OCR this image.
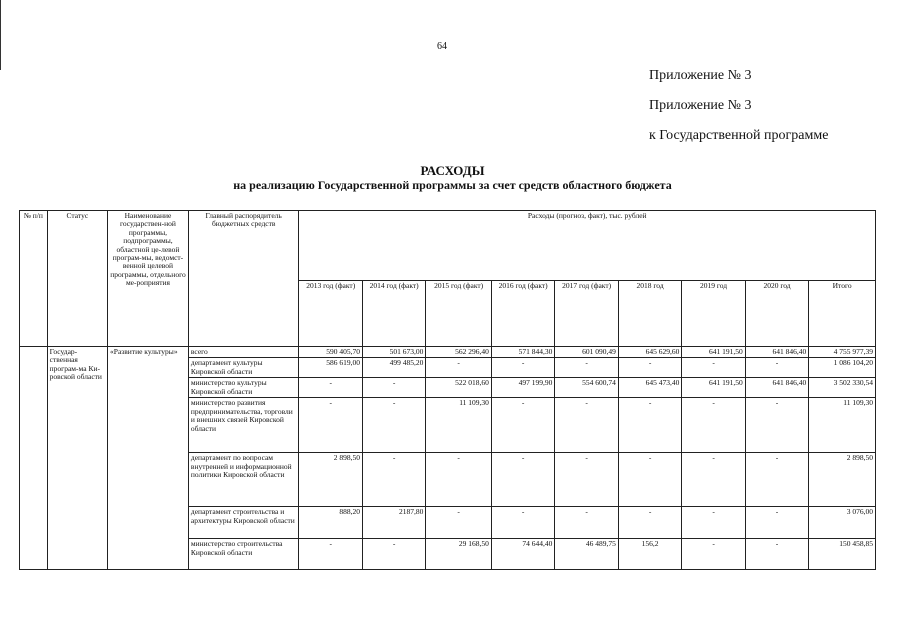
64
Приложение № 3
Приложение № 3
к Государственной программе
РАСХОДЫ
на реализацию Государственной программы за счет средств областного бюджета
№ п/п	Статус	Наименование государствен-ной программы, подпрограммы, областной це-левой програм-мы, ведомст-венной целевой программы, отдельного ме-роприятия	Главный распорядитель бюджетных средств	Расходы (прогноз, факт), тыс. рублей								
				2013 год (факт)	2014 год (факт)	2015 год (факт)	2016 год (факт)	2017 год (факт)	2018 год	2019 год	2020 год	Итого
	Государ-ственная програм-ма Ки-ровской области	«Развитие культуры»	всего	590 405,70	501 673,00	562 296,40	571 844,30	601 090,49	645 629,60	641 191,50	641 846,40	4 755 977,39
			департамент культуры Кировской области	586 619,00	499 485,20	-	-	-	-	-	-	1 086 104,20
			министерство культуры Кировской области	-	-	522 018,60	497 199,90	554 600,74	645 473,40	641 191,50	641 846,40	3 502 330,54
			министерство развития предпринимательства, торговли и внешних связей Кировской области	-	-	11 109,30	-	-	-	-	-	11 109,30
			департамент по вопросам внутренней и информационной политики Кировской области	2 898,50	-	-	-	-	-	-	-	2 898,50
			департамент строительства и архитектуры Кировской области	888,20	2187,80	-	-	-	-	-	-	3 076,00
			министерство строительства Кировской области	-	-	29 168,50	74 644,40	46 489,75	156,2	-	-	150 458,85
